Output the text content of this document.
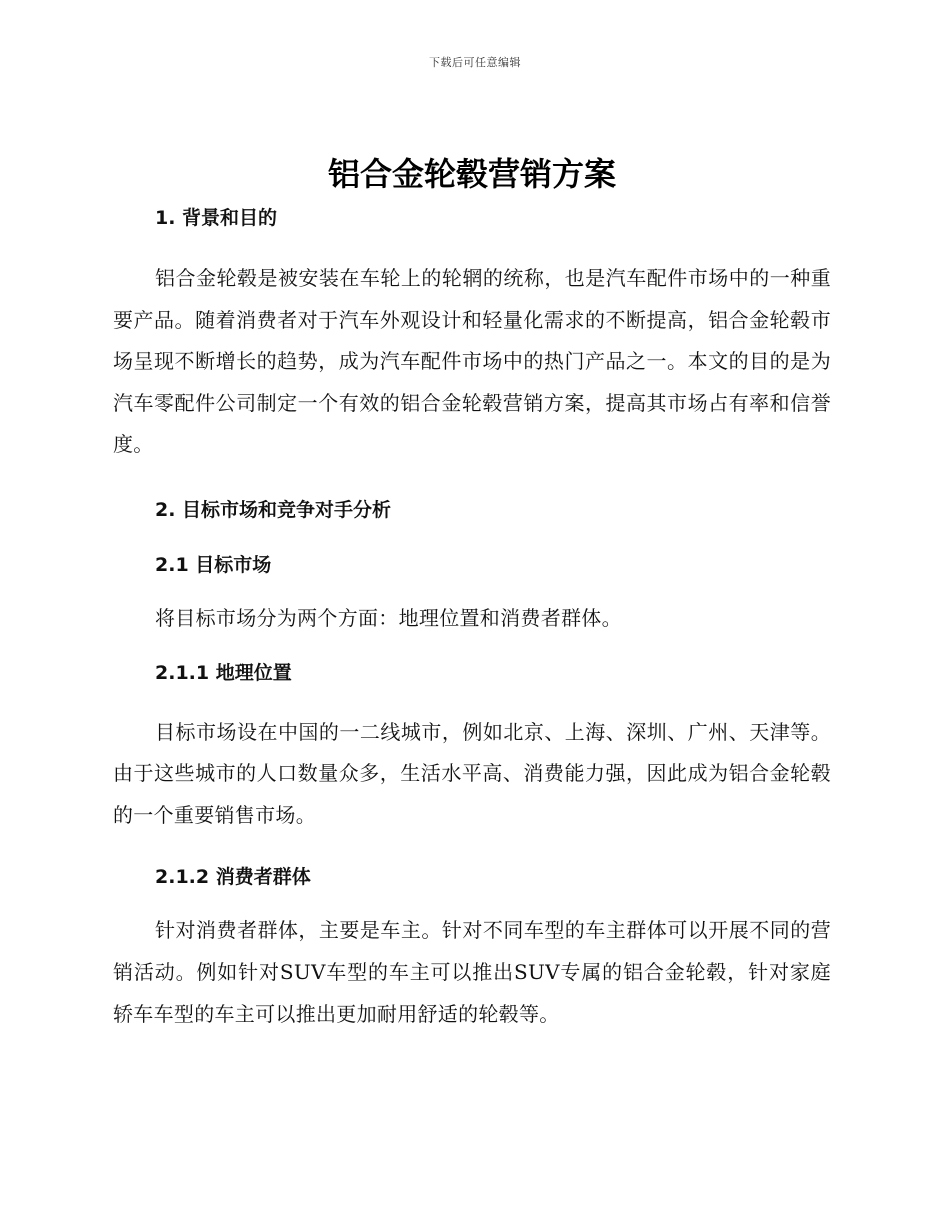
下载后可任意编辑
铝合金轮毂营销方案

1. 背景和目的

铝合金轮毂是被安装在车轮上的轮辋的统称，也是汽车配件市场中的一种重要产品。随着消费者对于汽车外观设计和轻量化需求的不断提高，铝合金轮毂市场呈现不断增长的趋势，成为汽车配件市场中的热门产品之一。本文的目的是为汽车零配件公司制定一个有效的铝合金轮毂营销方案，提高其市场占有率和信誉度。

2. 目标市场和竞争对手分析

2.1 目标市场

将目标市场分为两个方面：地理位置和消费者群体。

2.1.1 地理位置

目标市场设在中国的一二线城市，例如北京、上海、深圳、广州、天津等。由于这些城市的人口数量众多，生活水平高、消费能力强，因此成为铝合金轮毂的一个重要销售市场。

2.1.2 消费者群体

针对消费者群体，主要是车主。针对不同车型的车主群体可以开展不同的营销活动。例如针对SUV车型的车主可以推出SUV专属的铝合金轮毂，针对家庭轿车车型的车主可以推出更加耐用舒适的轮毂等。
